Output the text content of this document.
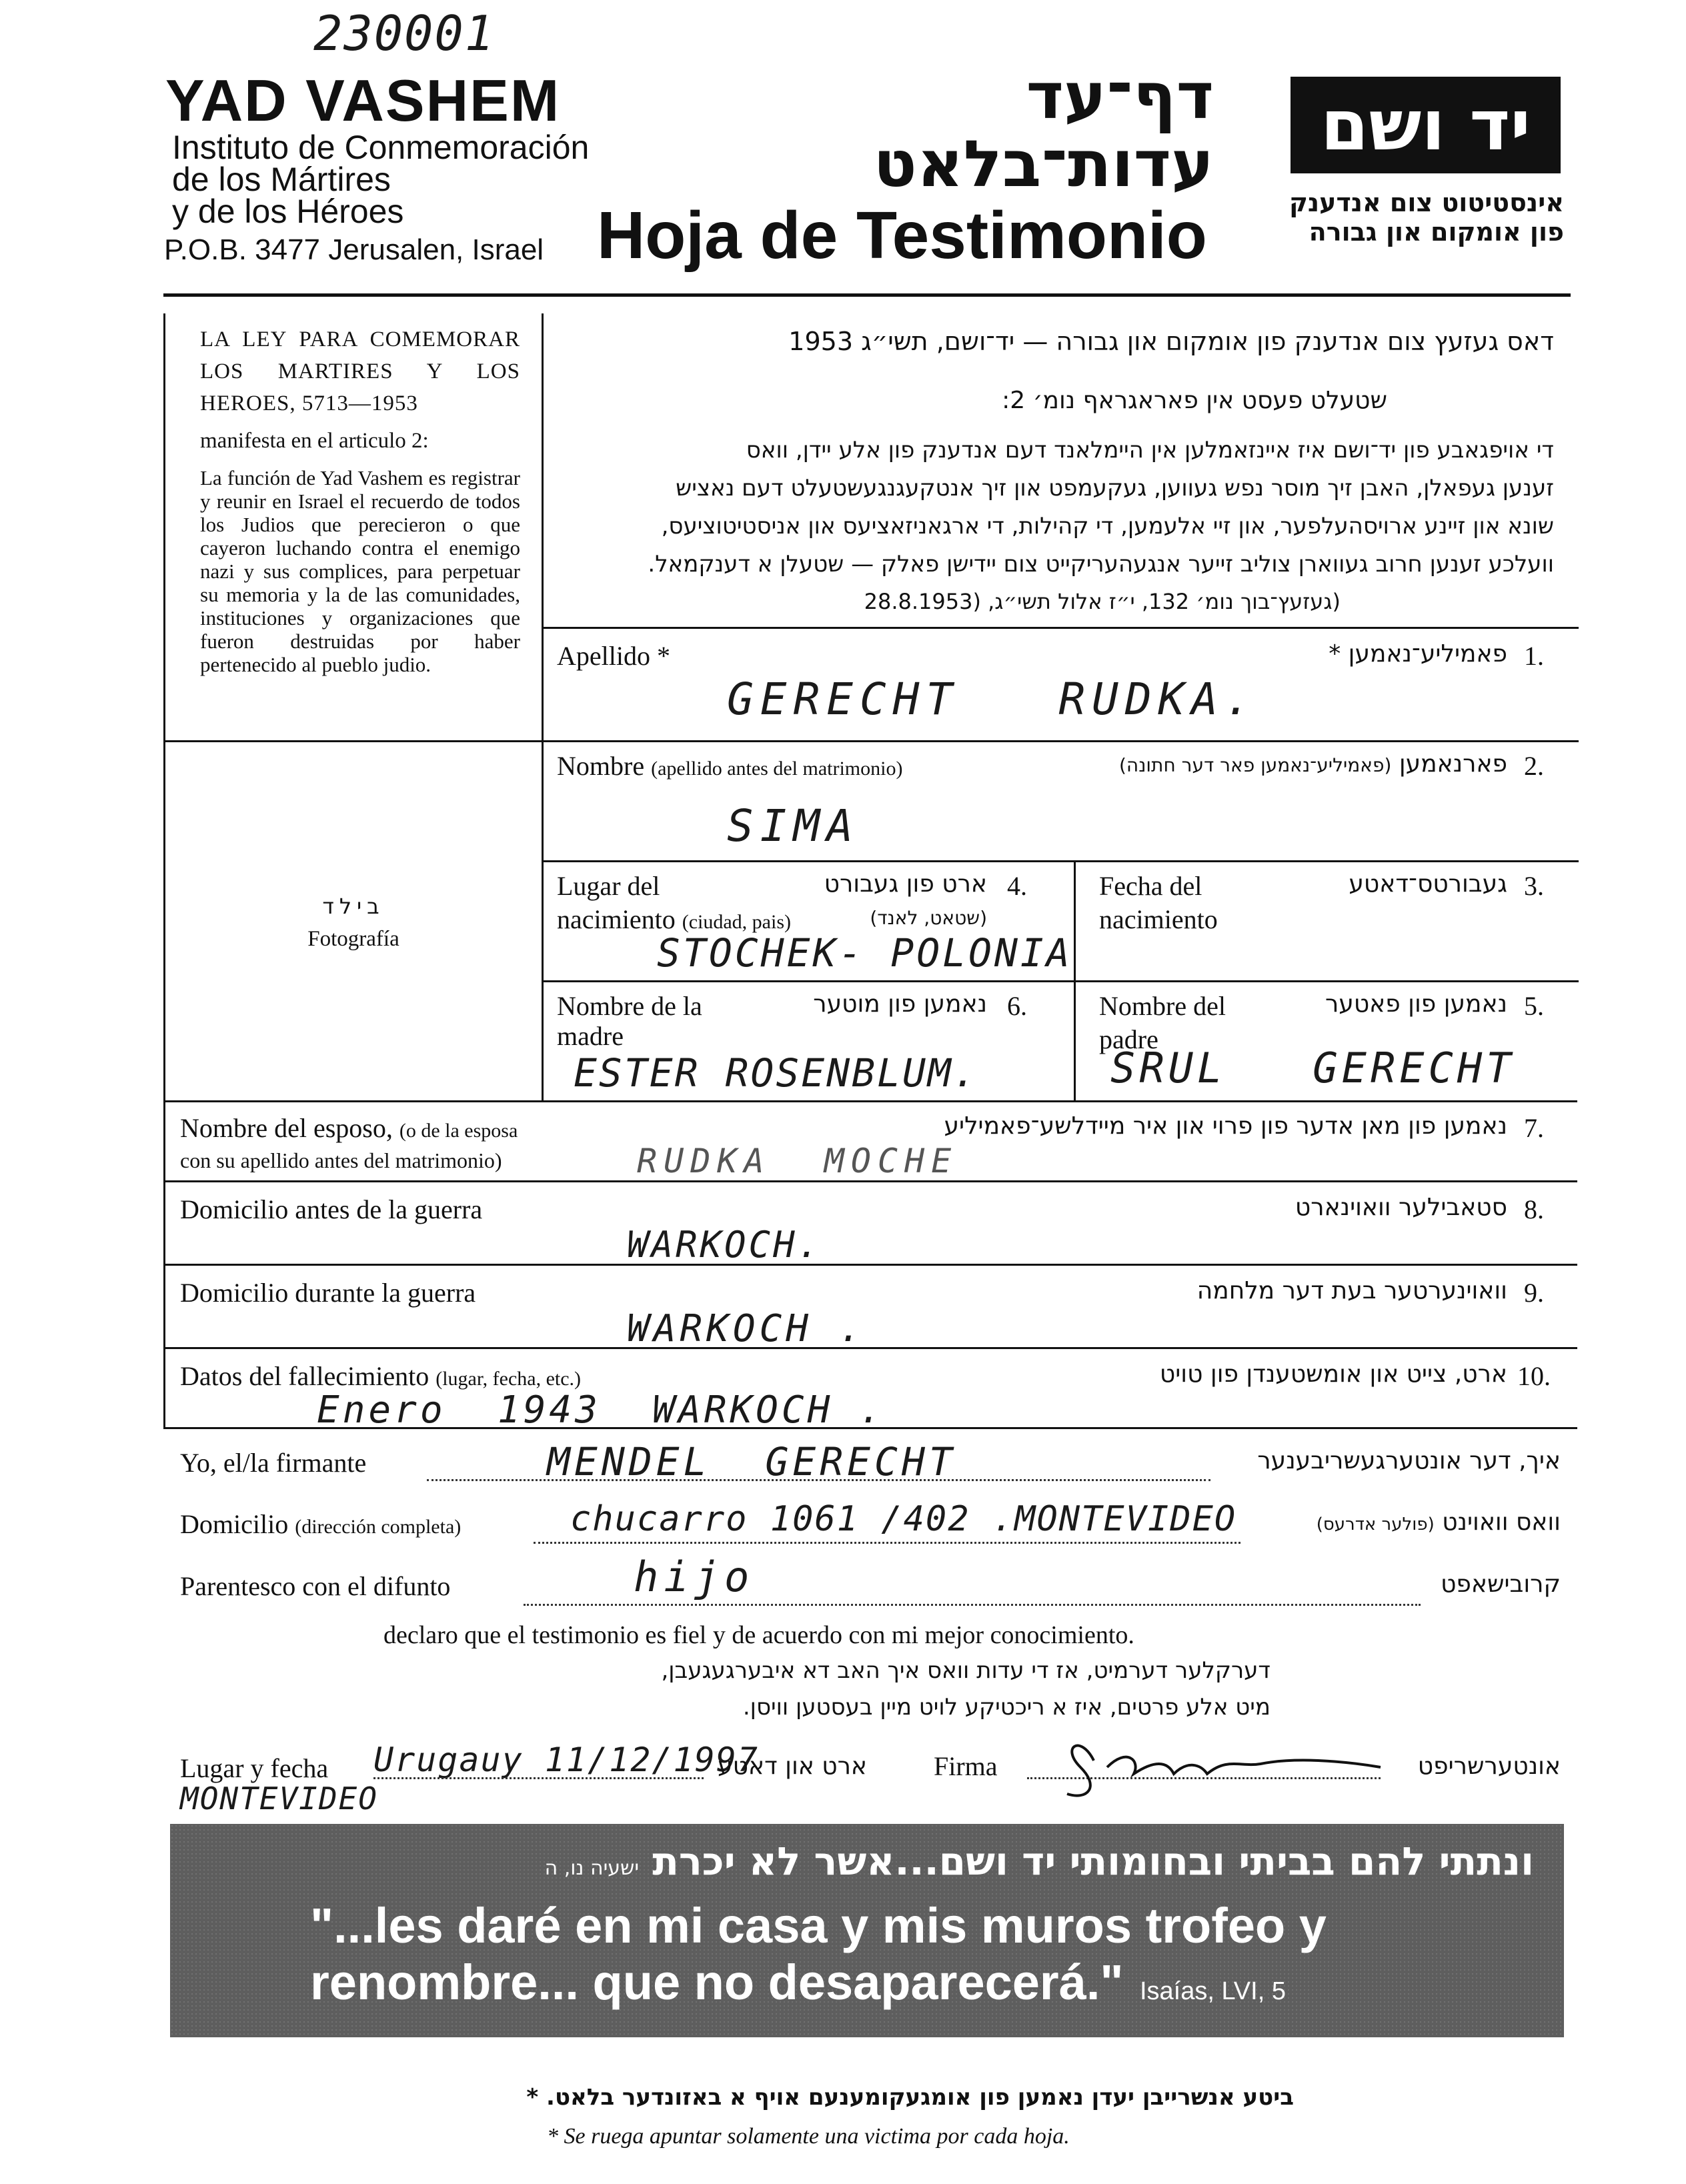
230001
YAD VASHEM
Instituto de Conmemoración
de los Mártires
y de los Héroes
P.O.B. 3477 Jerusalen, Israel
דף־עד
עדות־בלאט
Hoja de Testimonio
יד ושם
אינסטיטוט צום אנדענק
פון אומקום און גבורה
LA LEY PARA COMEMORAR LOS MARTIRES Y LOS HEROES, 5713—1953
manifesta en el articulo 2:
La función de Yad Vashem es registrar y reunir en Israel el recuerdo de todos los Judios que perecieron o que cayeron luchando contra el enemigo nazi y sus complices, para perpetuar su memoria y la de las comunidades, instituciones y organizaciones que fueron destruidas por haber pertenecido al pueblo judio.
דאס געזעץ צום אנדענק פון אומקום און גבורה — יד־ושם, תשי״ג 1953
שטעלט פעסט אין פאראגראף נומ׳ 2:
די אויפגאבע פון יד־ושם איז איינזאמלען אין היימלאנד דעם אנדענק פון אלע יידן, וואס
זענען געפאלן, האבן זיך מוסר נפש געווען, געקעמפט און זיך אנטקעגנגעשטעלט דעם נאציש
שונא און זיינע ארויסהעלפער, און זיי אלעמען, די קהילות, די ארגאניזאציעס און אניסטיטוציעס,
וועלכע זענען חרוב געווארן צוליב זייער אנגעהעריקייט צום יידישן פאלק — שטעלן א דענקמאל.
(געזעץ־בוך נומ׳ 132, י״ז אלול תשי״ג, (28.8.1953
בילד
Fotografía
Apellido *	פאמיליע־נאמען * 1.
GERECHT   RUDKA.
Nombre (apellido antes del matrimonio)	פארנאמען (פאמיליע־נאמען פאר דער חתונה)	2.
SIMA
Lugar del
nacimiento (ciudad, pais)
ארט פון געבורט
(שטאט, לאנד)
4.
STOCHEK- POLONIA
Fecha del
nacimiento
געבורטס־דאטע 3.
Nombre de la
madre
נאמען פון מוטער 6.
ESTER ROSENBLUM.
Nombre del
padre
נאמען פון פאטער 5.
SRUL   GERECHT
Nombre del esposo, (o de la esposa
con su apellido antes del matrimonio)
נאמען פון מאן אדער פון פרוי און איר מיידלשע־פאמיליע 7.
RUDKA  MOCHE
Domicilio antes de la guerra	סטאבילער וואוינארט 8.
WARKOCH.
Domicilio durante la guerra	וואוינערטער בעת דער מלחמה 9.
WARKOCH .
Datos del fallecimiento (lugar, fecha, etc.)	ארט, צייט און אומשטענדן פון טויט 10.
Enero  1943  WARKOCH .
Yo, el/la firmante	MENDEL  GERECHT	איך, דער אונטערגעשריבענער
Domicilio (dirección completa)	chucarro 1061 /402 .MONTEVIDEO	וואס וואוינט (פולער אדרעס)
Parentesco con el difunto	hijo	קרובישאפט
declaro que el testimonio es fiel y de acuerdo con mi mejor conocimiento.
דערקלער דערמיט, אז די עדות וואס איך האב דא איבערגעגעבן,
מיט אלע פרטים, איז א ריכטיקע לויט מיין בעסטען וויסן.
Lugar y fecha Urugauy 11/12/1997
MONTEVIDEO
ארט און דאטע	Firma	אונטערשריפט
ונתתי להם בביתי ובחומותי יד ושם...אשר לא יכרת ישעיה נו, ה
"...les daré en mi casa y mis muros trofeo y
renombre... que no desaparecerá." Isaías, LVI, 5
ביטע אנשרייבן יעדן נאמען פון אומגעקומענעם אויף א באזונדער בלאט. *
* Se ruega apuntar solamente una victima por cada hoja.
